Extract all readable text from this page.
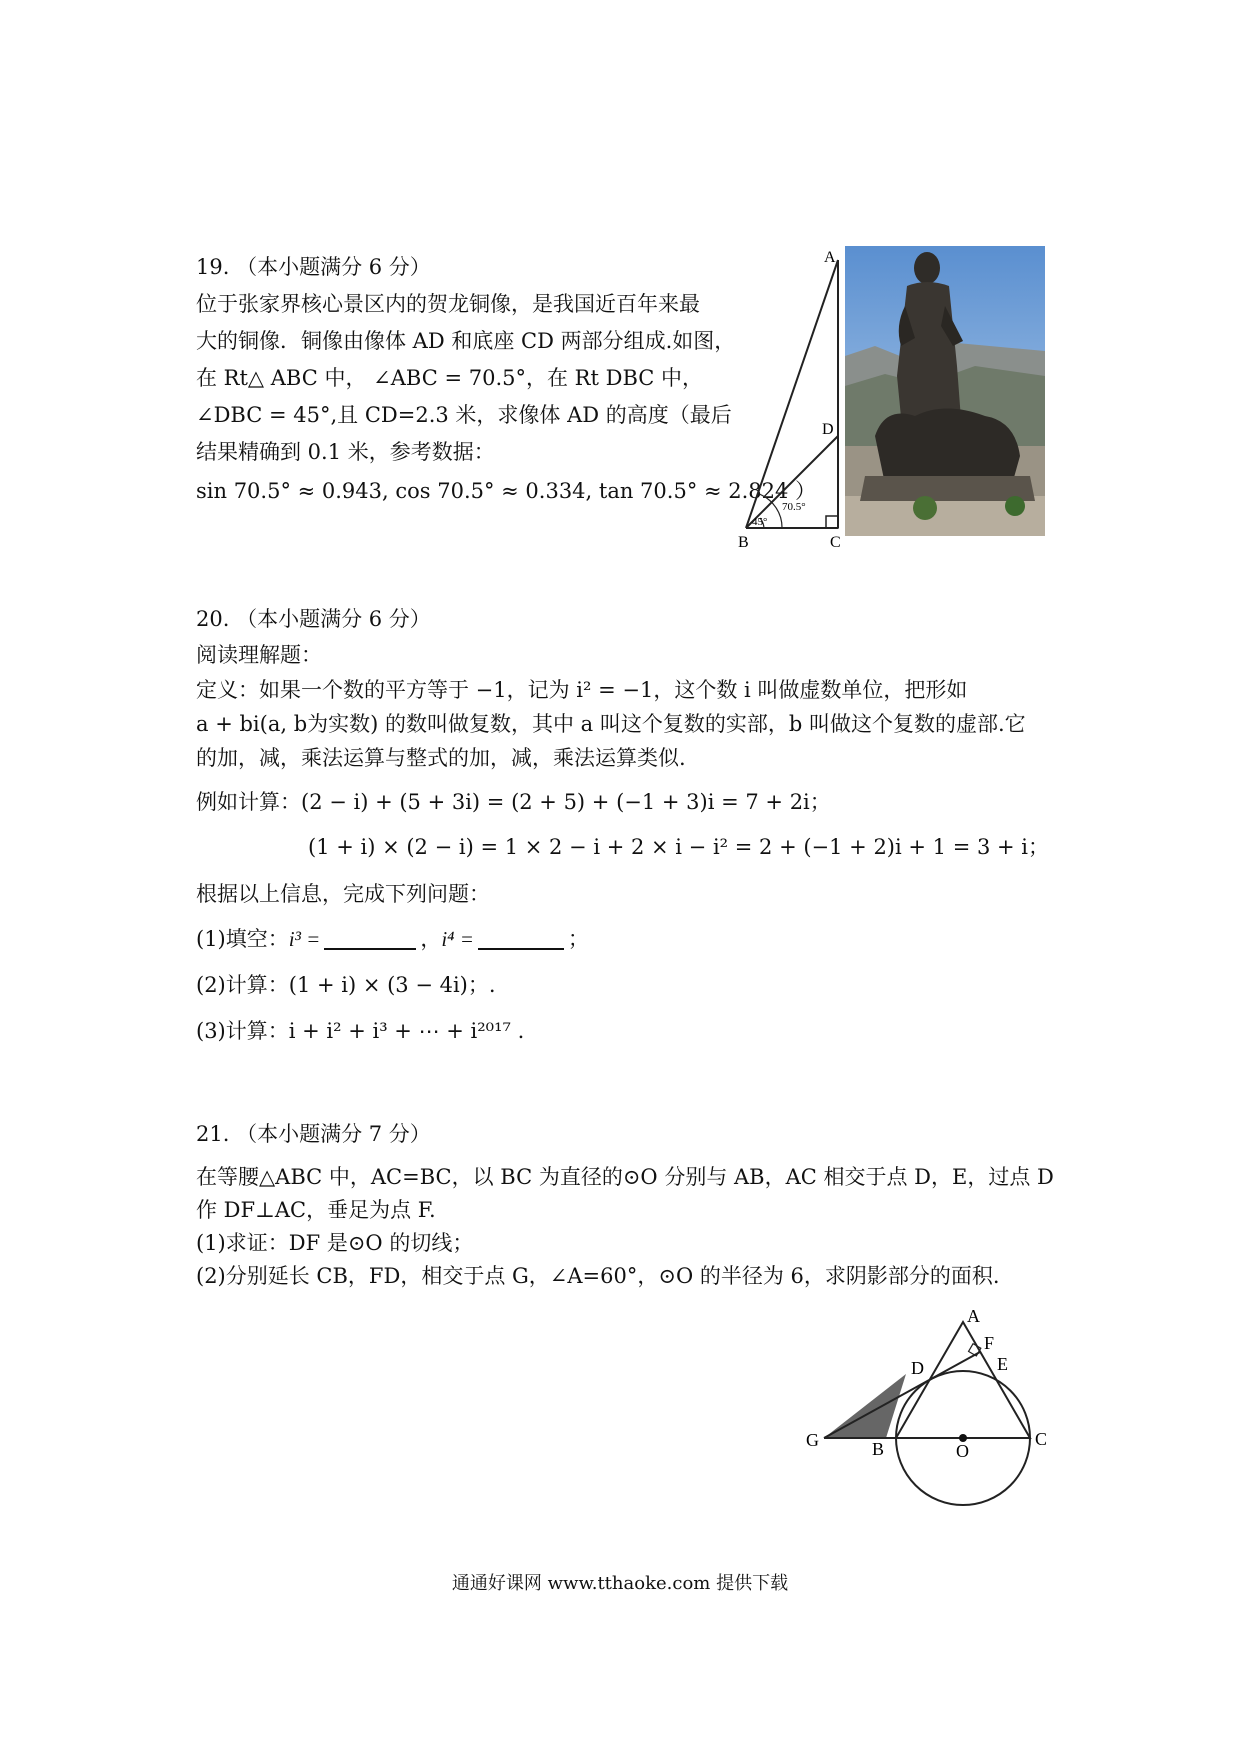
19. （本小题满分 6 分）
位于张家界核心景区内的贺龙铜像，是我国近百年来最
大的铜像．铜像由像体 AD 和底座 CD 两部分组成.如图，
在 Rt△ ABC 中， ∠ABC = 70.5°，在 Rt DBC 中，
∠DBC = 45°,且 CD=2.3 米，求像体 AD 的高度（最后
结果精确到 0.1 米，参考数据：
sin 70.5° ≈ 0.943, cos 70.5° ≈ 0.334, tan 70.5° ≈ 2.824 ）
A
D
B	C
70.5°
45°
20. （本小题满分 6 分）
阅读理解题：
定义：如果一个数的平方等于 −1，记为 i² = −1，这个数 i 叫做虚数单位，把形如
a + bi(a, b为实数) 的数叫做复数，其中 a 叫这个复数的实部，b 叫做这个复数的虚部.它
的加，减，乘法运算与整式的加，减，乘法运算类似.
例如计算：(2 − i) + (5 + 3i) = (2 + 5) + (−1 + 3)i = 7 + 2i；
(1 + i) × (2 − i) = 1 × 2 − i + 2 × i − i² = 2 + (−1 + 2)i + 1 = 3 + i；
根据以上信息，完成下列问题：
(1)填空：i³ =	，i⁴ =	；
(2)计算：(1 + i) × (3 − 4i)；.
(3)计算：i + i² + i³ + ⋯ + i²⁰¹⁷ .
21. （本小题满分 7 分）
在等腰△ABC 中，AC=BC，以 BC 为直径的⊙O 分别与 AB，AC 相交于点 D，E，过点 D
作 DF⊥AC，垂足为点 F.
(1)求证：DF 是⊙O 的切线；
(2)分别延长 CB，FD，相交于点 G，∠A=60°，⊙O 的半径为 6，求阴影部分的面积.
A
F
D	E
G	B	O
C
通通好课网 www.tthaoke.com 提供下载
